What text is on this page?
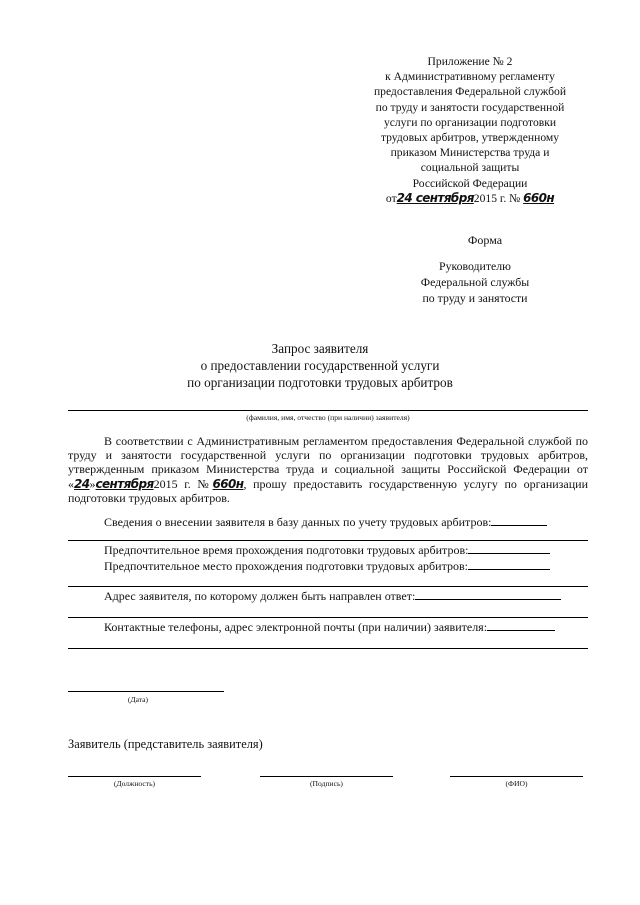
Приложение № 2
к Административному регламенту
предоставления Федеральной службой
по труду и занятости государственной
услуги по организации подготовки
трудовых арбитров, утвержденному
приказом Министерства труда и
социальной защиты
Российской Федерации
от24 сентября2015 г. № 660н
Форма
Руководителю
Федеральной службы
по труду и занятости
Запрос заявителя
о предоставлении государственной услуги
по организации подготовки трудовых арбитров
(фамилия, имя, отчество (при наличии) заявителя)
В соответствии с Административным регламентом предоставления Федеральной службой по труду и занятости государственной услуги по организации подготовки трудовых арбитров, утвержденным приказом Министерства труда и социальной защиты Российской Федерации от «24»сентября2015 г. №660н, прошу предоставить государственную услугу по организации подготовки трудовых арбитров.
Сведения о внесении заявителя в базу данных по учету трудовых арбитров:
Предпочтительное время прохождения подготовки трудовых арбитров:
Предпочтительное место прохождения подготовки трудовых арбитров:
Адрес заявителя, по которому должен быть направлен ответ:
Контактные телефоны, адрес электронной почты (при наличии) заявителя:
(Дата)
Заявитель (представитель заявителя)
(Должность)	(Подпись)	(ФИО)
